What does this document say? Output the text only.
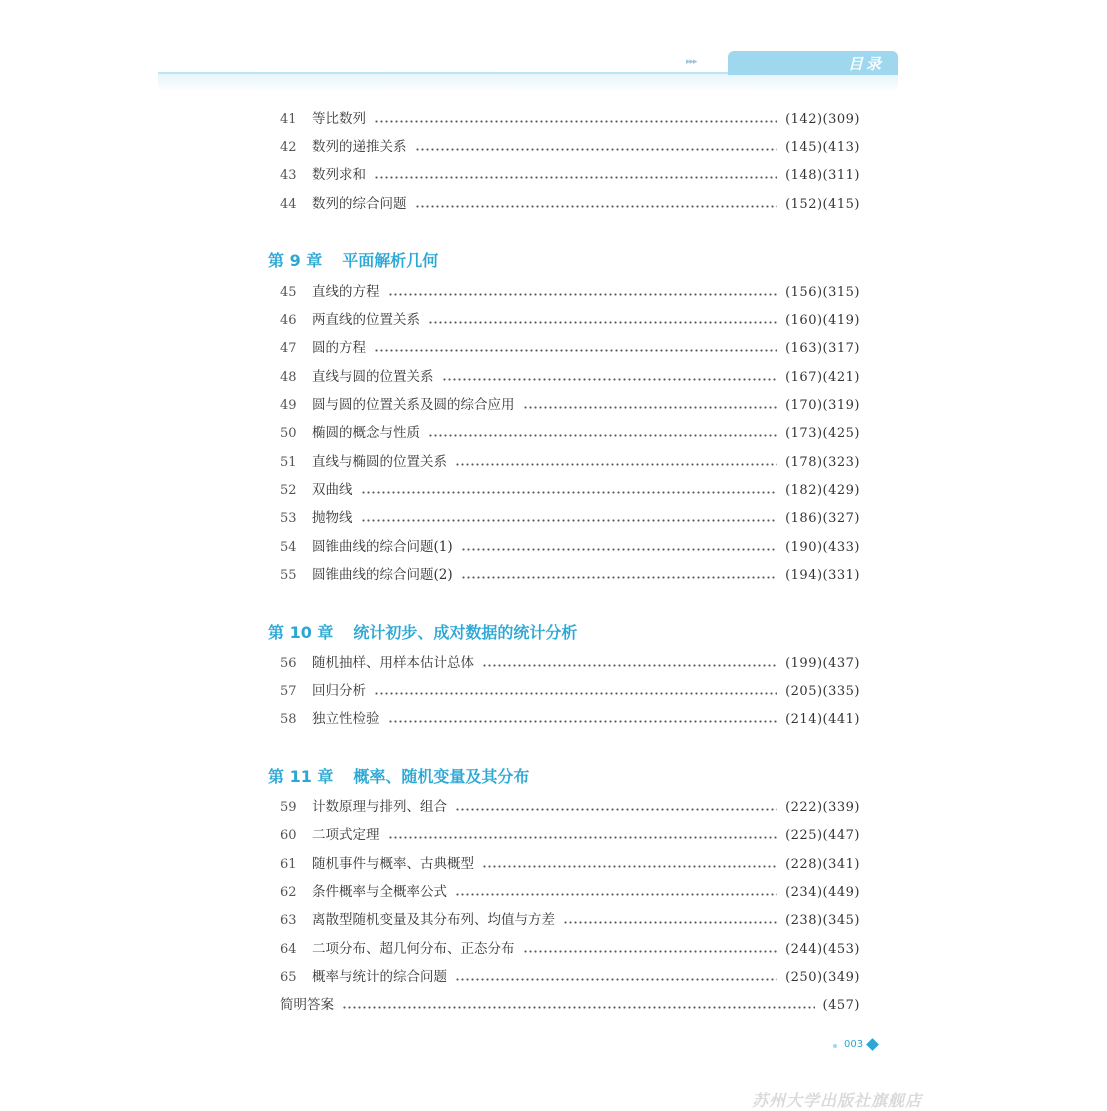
▸▸▸	目录
41	等比数列	(142)(309)
42	数列的递推关系	(145)(413)
43	数列求和	(148)(311)
44	数列的综合问题	(152)(415)
第 9 章 平面解析几何
45	直线的方程	(156)(315)
46	两直线的位置关系	(160)(419)
47	圆的方程	(163)(317)
48	直线与圆的位置关系	(167)(421)
49	圆与圆的位置关系及圆的综合应用	(170)(319)
50	椭圆的概念与性质	(173)(425)
51	直线与椭圆的位置关系	(178)(323)
52	双曲线	(182)(429)
53	抛物线	(186)(327)
54	圆锥曲线的综合问题(1)	(190)(433)
55	圆锥曲线的综合问题(2)	(194)(331)
第 10 章 统计初步、成对数据的统计分析
56	随机抽样、用样本估计总体	(199)(437)
57	回归分析	(205)(335)
58	独立性检验	(214)(441)
第 11 章 概率、随机变量及其分布
59	计数原理与排列、组合	(222)(339)
60	二项式定理	(225)(447)
61	随机事件与概率、古典概型	(228)(341)
62	条件概率与全概率公式	(234)(449)
63	离散型随机变量及其分布列、均值与方差	(238)(345)
64	二项分布、超几何分布、正态分布	(244)(453)
65	概率与统计的综合问题	(250)(349)
简明答案	(457)
003
苏州大学出版社旗舰店
